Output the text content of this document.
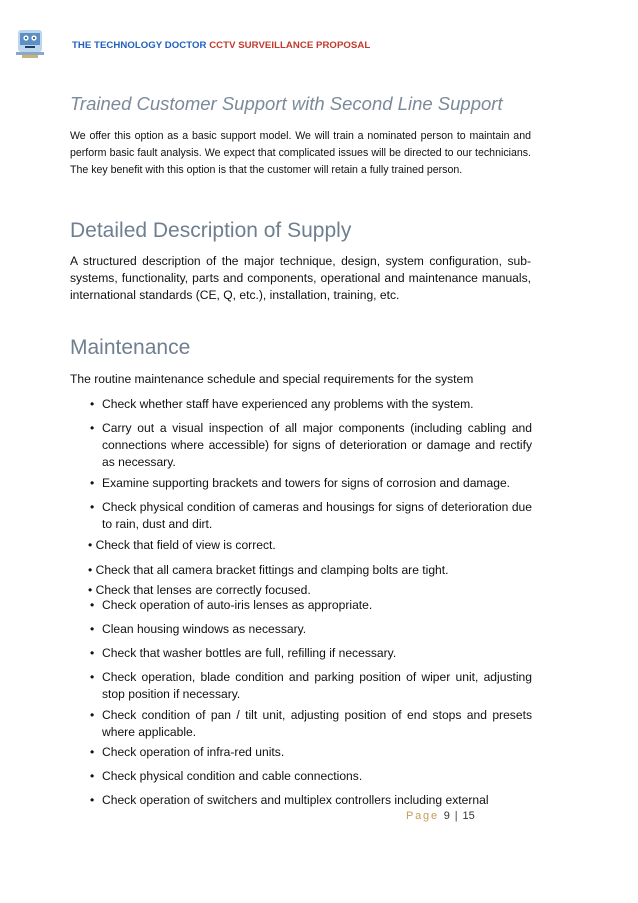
THE TECHNOLOGY DOCTOR CCTV SURVEILLANCE PROPOSAL
Trained Customer Support with Second Line Support
We offer this option as a basic support model. We will train a nominated person to maintain and perform basic fault analysis. We expect that complicated issues will be directed to our technicians. The key benefit with this option is that the customer will retain a fully trained person.
Detailed Description of Supply
A structured description of the major technique, design, system configuration, sub-systems, functionality, parts and components, operational and maintenance manuals, international standards (CE, Q, etc.), installation, training, etc.
Maintenance
The routine maintenance schedule and special requirements for the system
• Check whether staff have experienced any problems with the system.
• Carry out a visual inspection of all major components (including cabling and connections where accessible) for signs of deterioration or damage and rectify as necessary.
• Examine supporting brackets and towers for signs of corrosion and damage.
• Check physical condition of cameras and housings for signs of deterioration due to rain, dust and dirt.
• Check that field of view is correct.
• Check that all camera bracket fittings and clamping bolts are tight.
• Check that lenses are correctly focused.
• Check operation of auto-iris lenses as appropriate.
• Clean housing windows as necessary.
• Check that washer bottles are full, refilling if necessary.
• Check operation, blade condition and parking position of wiper unit, adjusting stop position if necessary.
• Check condition of pan / tilt unit, adjusting position of end stops and presets where applicable.
• Check operation of infra-red units.
• Check physical condition and cable connections.
• Check operation of switchers and multiplex controllers including external
Page 9 | 15
